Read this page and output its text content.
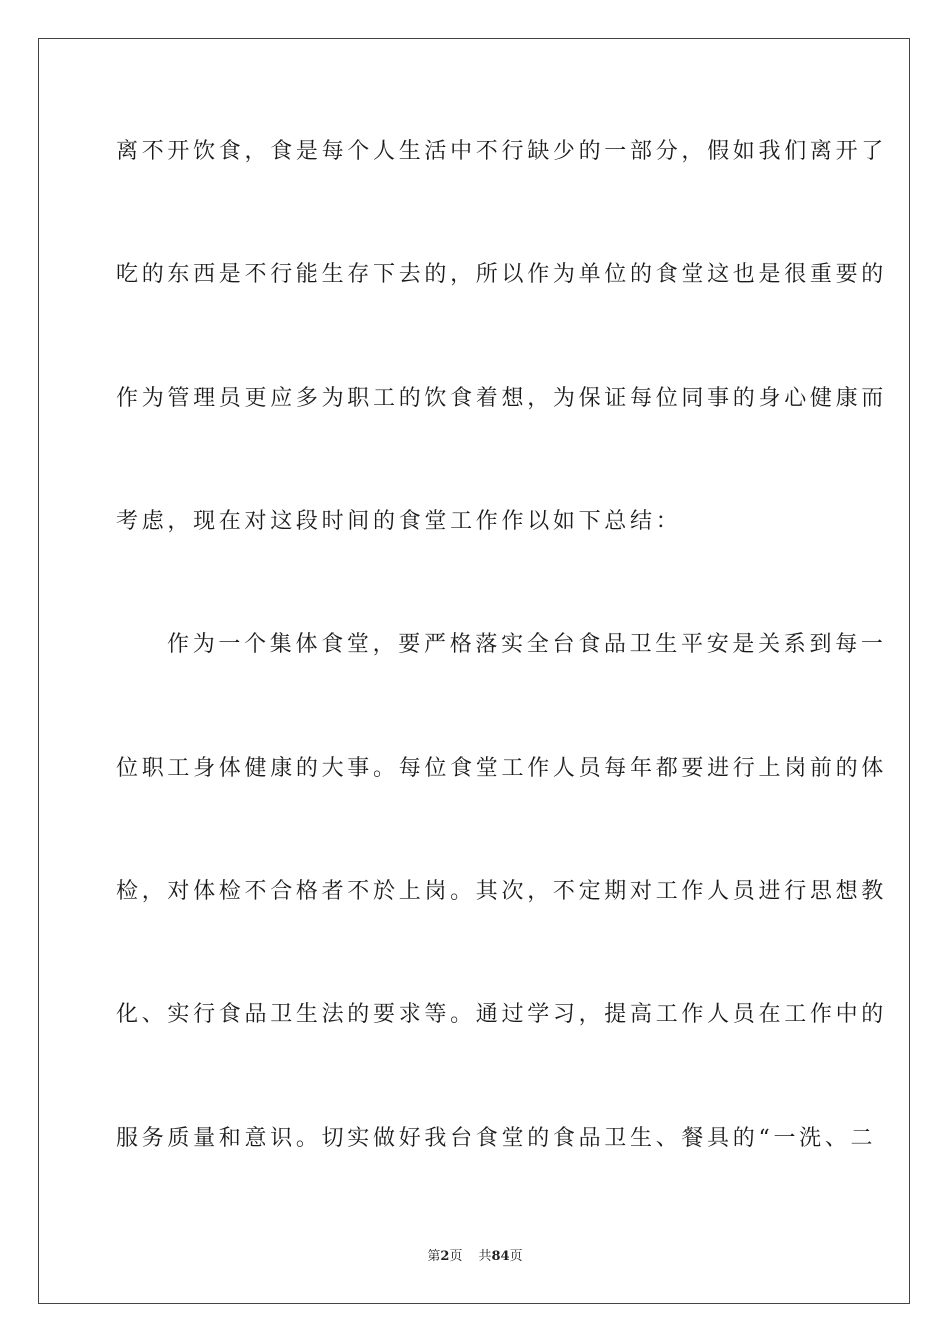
离不开饮食，食是每个人生活中不行缺少的一部分，假如我们离开了

吃的东西是不行能生存下去的，所以作为单位的食堂这也是很重要的

作为管理员更应多为职工的饮食着想，为保证每位同事的身心健康而

考虑，现在对这段时间的食堂工作作以如下总结：

作为一个集体食堂，要严格落实全台食品卫生平安是关系到每一

位职工身体健康的大事。每位食堂工作人员每年都要进行上岗前的体

检，对体检不合格者不於上岗。其次，不定期对工作人员进行思想教

化、实行食品卫生法的要求等。通过学习，提高工作人员在工作中的

服务质量和意识。切实做好我台食堂的食品卫生、餐具的“一洗、二

第2页 共84页
